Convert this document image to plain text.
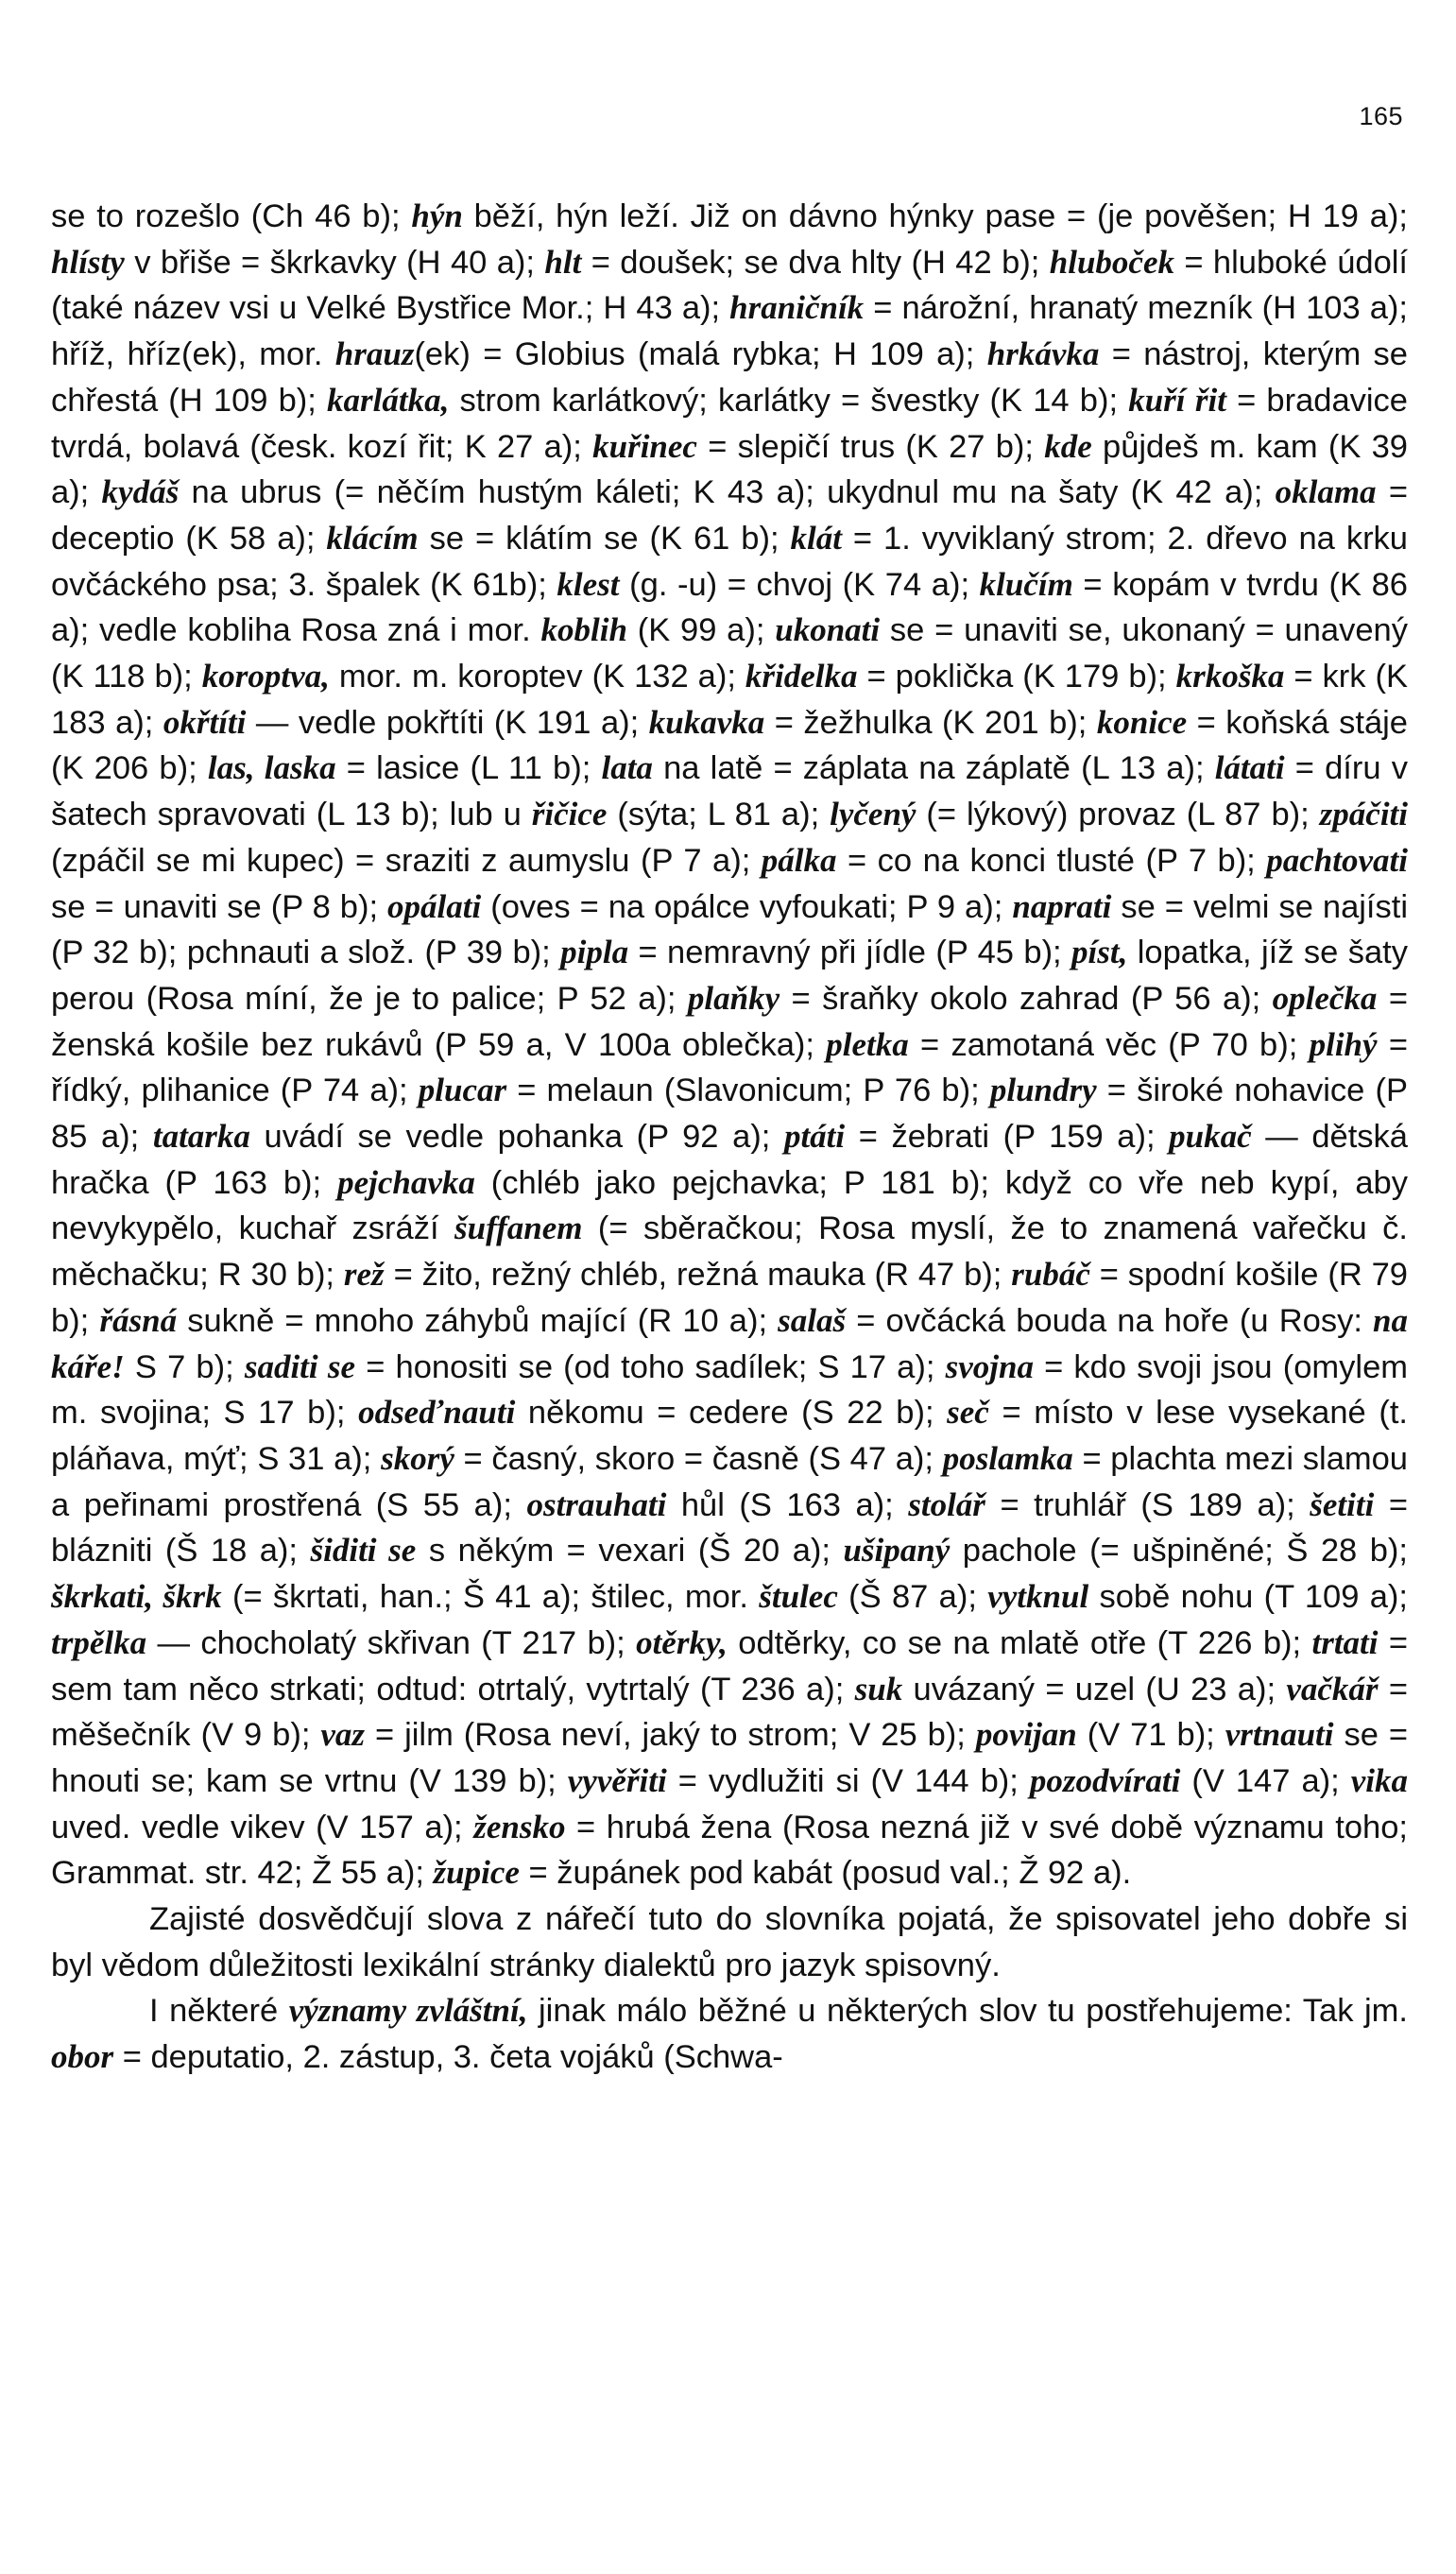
165

se to rozešlo (Ch 46 b); hýn běží, hýn leží. Již on dávno hýnky pase = (je pověšen; H 19 a); hlísty v břiše = škrkavky (H 40 a); hlt = doušek; se dva hlty (H 42 b); hluboček = hluboké údolí (také název vsi u Velké Bystřice Mor.; H 43 a); hraničník = nárožní, hranatý mezník (H 103 a); hříž, hříz(ek), mor. hrauz(ek) = Globius (malá rybka; H 109 a); hrkávka = nástroj, kterým se chřestá (H 109 b); karlátka, strom karlátkový; karlátky = švestky (K 14 b); kuří řit = bradavice tvrdá, bolavá (česk. kozí řit; K 27 a); kuřinec = slepičí trus (K 27 b); kde půjdeš m. kam (K 39 a); kydáš na ubrus (= něčím hustým káleti; K 43 a); ukydnul mu na šaty (K 42 a); oklama = deceptio (K 58 a); klácím se = klátím se (K 61 b); klát = 1. vyviklaný strom; 2. dřevo na krku ovčáckého psa; 3. špalek (K 61b); klest (g. -u) = chvoj (K 74 a); klučím = kopám v tvrdu (K 86 a); vedle kobliha Rosa zná i mor. koblih (K 99 a); ukonati se = unaviti se, ukonaný = unavený (K 118 b); koroptva, mor. m. koroptev (K 132 a); křidelka = poklička (K 179 b); krkoška = krk (K 183 a); okřtíti — vedle pokřtíti (K 191 a); kukavka = žežhulka (K 201 b); konice = koňská stáje (K 206 b); las, laska = lasice (L 11 b); lata na latě = záplata na záplatě (L 13 a); látati = díru v šatech spravovati (L 13 b); lub u řičice (sýta; L 81 a); lyčený (= lýkový) provaz (L 87 b); zpáčiti (zpáčil se mi kupec) = sraziti z aumyslu (P 7 a); pálka = co na konci tlusté (P 7 b); pachtovati se = unaviti se (P 8 b); opálati (oves = na opálce vyfoukati; P 9 a); naprati se = velmi se najísti (P 32 b); pchnauti a slož. (P 39 b); pipla = nemravný při jídle (P 45 b); píst, lopatka, jíž se šaty perou (Rosa míní, že je to palice; P 52 a); plaňky = šraňky okolo zahrad (P 56 a); oplečka = ženská košile bez rukávů (P 59 a, V 100a oblečka); pletka = zamotaná věc (P 70 b); plihý = řídký, plihanice (P 74 a); plucar = melaun (Slavonicum; P 76 b); plundry = široké nohavice (P 85 a); tatarka uvádí se vedle pohanka (P 92 a); ptáti = žebrati (P 159 a); pukač — dětská hračka (P 163 b); pejchavka (chléb jako pejchavka; P 181 b); když co vře neb kypí, aby nevykypělo, kuchař zsráží šuffanem (= sběračkou; Rosa myslí, že to znamená vařečku č. měchačku; R 30 b); rež = žito, režný chléb, režná mauka (R 47 b); rubáč = spodní košile (R 79 b); řásná sukně = mnoho záhybů mající (R 10 a); salaš = ovčácká bouda na hoře (u Rosy: na káře! S 7 b); saditi se = honositi se (od toho sadílek; S 17 a); svojna = kdo svoji jsou (omylem m. svojina; S 17 b); odseďnauti někomu = cedere (S 22 b); seč = místo v lese vysekané (t. pláňava, mýť; S 31 a); skorý = časný, skoro = časně (S 47 a); poslamka = plachta mezi slamou a peřinami prostřená (S 55 a); ostrauhati hůl (S 163 a); stolář = truhlář (S 189 a); šetiti = blázniti (Š 18 a); šiditi se s někým = vexari (Š 20 a); ušipaný pachole (= ušpiněné; Š 28 b); škrkati, škrk (= škrtati, han.; Š 41 a); štilec, mor. štulec (Š 87 a); vytknul sobě nohu (T 109 a); trpělka — chocholatý skřivan (T 217 b); otěrky, odtěrky, co se na mlatě otře (T 226 b); trtati = sem tam něco strkati; odtud: otrtalý, vytrtalý (T 236 a); suk uvázaný = uzel (U 23 a); vačkář = měšečník (V 9 b); vaz = jilm (Rosa neví, jaký to strom; V 25 b); povijan (V 71 b); vrtnauti se = hnouti se; kam se vrtnu (V 139 b); vyvěřiti = vydlužiti si (V 144 b); pozodvírati (V 147 a); vika uved. vedle vikev (V 157 a); žensko = hrubá žena (Rosa nezná již v své době významu toho; Grammat. str. 42; Ž 55 a); župice = župánek pod kabát (posud val.; Ž 92 a).

Zajisté dosvědčují slova z nářečí tuto do slovníka pojatá, že spisovatel jeho dobře si byl vědom důležitosti lexikální stránky dialektů pro jazyk spisovný.

I některé významy zvláštní, jinak málo běžné u některých slov tu postřehujeme: Tak jm. obor = deputatio, 2. zástup, 3. četa vojáků (Schwa-
